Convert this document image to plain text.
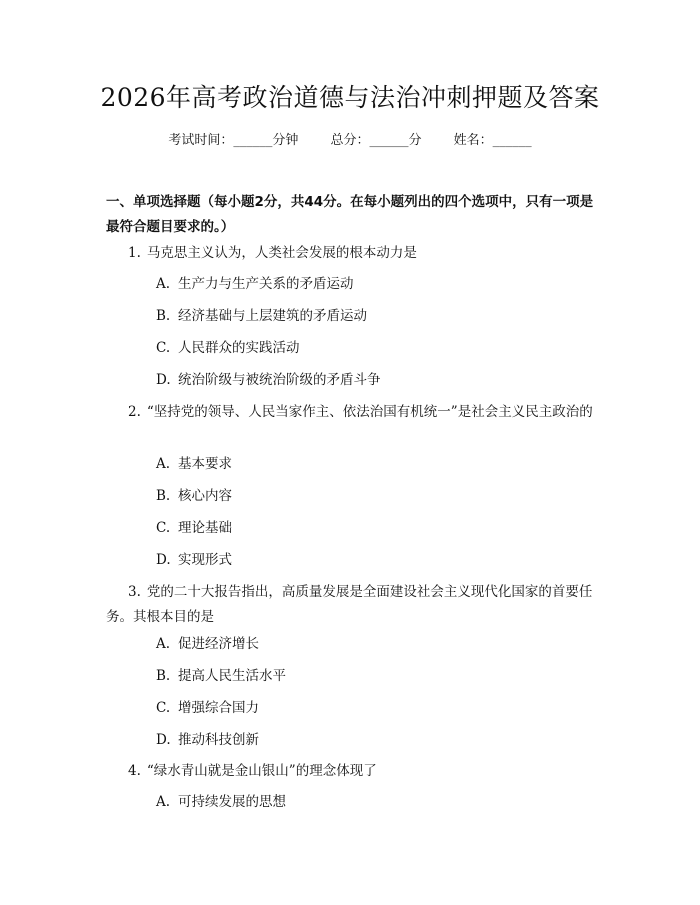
2026年高考政治道德与法治冲刺押题及答案
考试时间：______分钟 总分：______分 姓名：______
一、单项选择题（每小题2分，共44分。在每小题列出的四个选项中，只有一项是最符合题目要求的。）
1. 马克思主义认为，人类社会发展的根本动力是
A. 生产力与生产关系的矛盾运动
B. 经济基础与上层建筑的矛盾运动
C. 人民群众的实践活动
D. 统治阶级与被统治阶级的矛盾斗争
2. “坚持党的领导、人民当家作主、依法治国有机统一”是社会主义民主政治的
A. 基本要求
B. 核心内容
C. 理论基础
D. 实现形式
3. 党的二十大报告指出，高质量发展是全面建设社会主义现代化国家的首要任务。其根本目的是
A. 促进经济增长
B. 提高人民生活水平
C. 增强综合国力
D. 推动科技创新
4. “绿水青山就是金山银山”的理念体现了
A. 可持续发展的思想
